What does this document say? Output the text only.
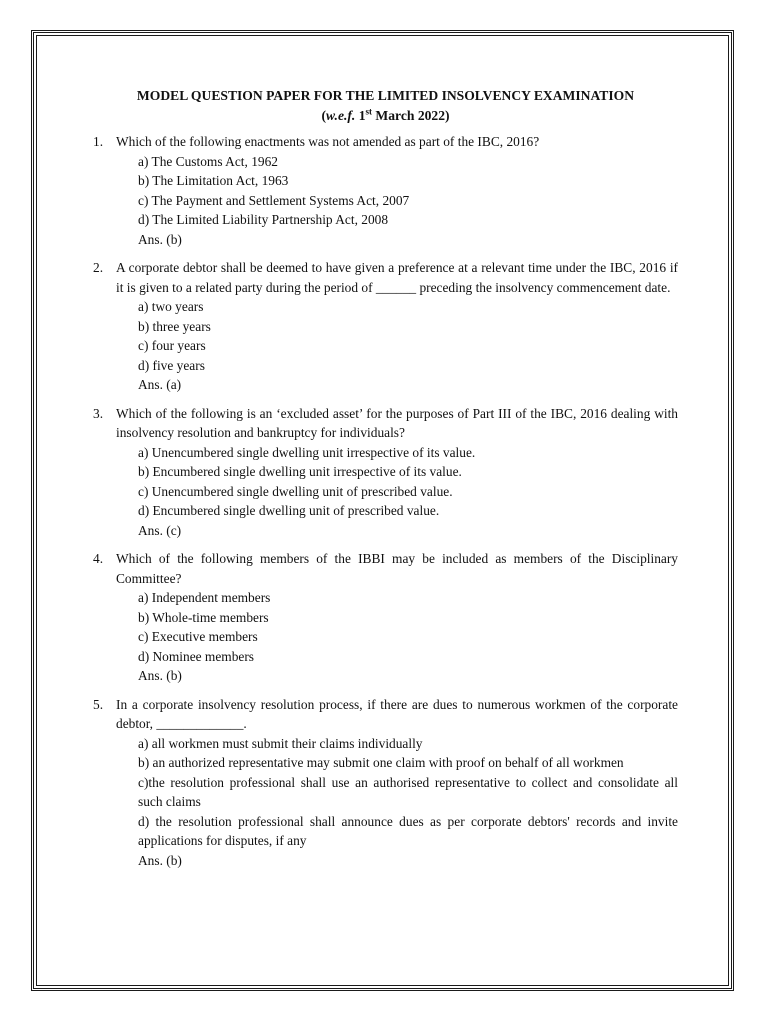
MODEL QUESTION PAPER FOR THE LIMITED INSOLVENCY EXAMINATION

(w.e.f. 1st March 2022)

1. Which of the following enactments was not amended as part of the IBC, 2016?

a) The Customs Act, 1962
b) The Limitation Act, 1963
c) The Payment and Settlement Systems Act, 2007
d) The Limited Liability Partnership Act, 2008

Ans. (b)

2. A corporate debtor shall be deemed to have given a preference at a relevant time under the IBC, 2016 if it is given to a related party during the period of ______ preceding the insolvency commencement date.

a) two years
b) three years
c) four years
d) five years

Ans. (a)

3. Which of the following is an ‘excluded asset’ for the purposes of Part III of the IBC, 2016 dealing with insolvency resolution and bankruptcy for individuals?

a) Unencumbered single dwelling unit irrespective of its value.
b) Encumbered single dwelling unit irrespective of its value.
c) Unencumbered single dwelling unit of prescribed value.
d) Encumbered single dwelling unit of prescribed value.

Ans. (c)

4. Which of the following members of the IBBI may be included as members of the Disciplinary Committee?

a) Independent members
b) Whole-time members
c) Executive members
d) Nominee members

Ans. (b)

5. In a corporate insolvency resolution process, if there are dues to numerous workmen of the corporate debtor, _____________.

a) all workmen must submit their claims individually
b) an authorized representative may submit one claim with proof on behalf of all workmen
c)the resolution professional shall use an authorised representative to collect and consolidate all such claims
d) the resolution professional shall announce dues as per corporate debtors' records and invite applications for disputes, if any

Ans. (b)
